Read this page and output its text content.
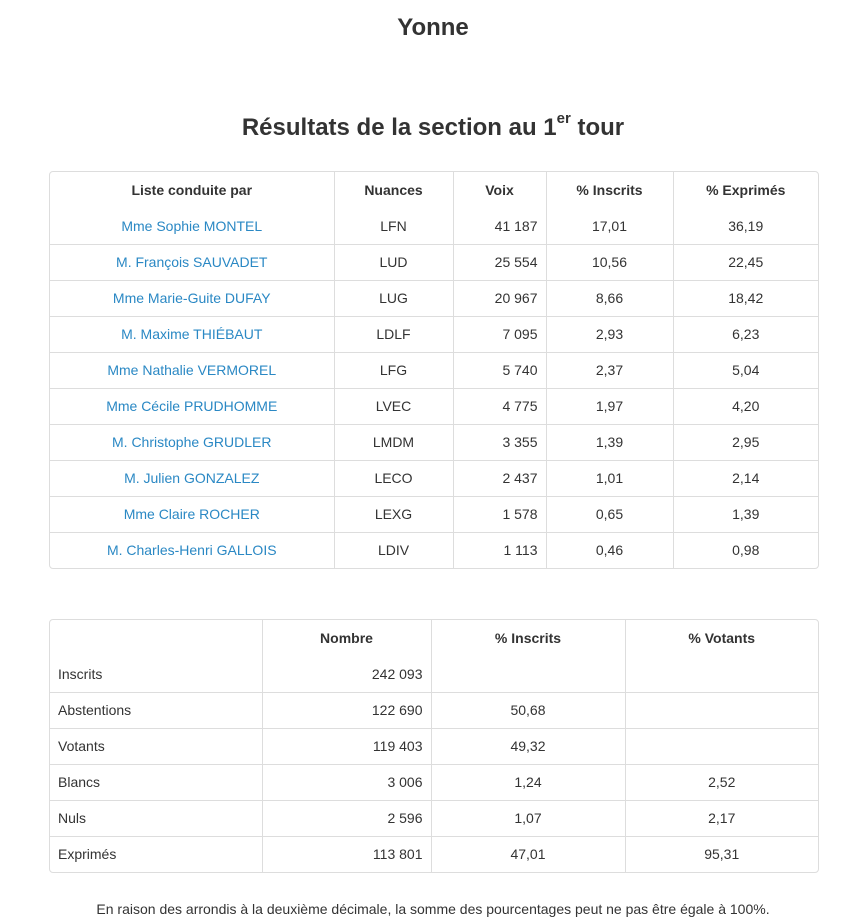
Yonne
Résultats de la section au 1er tour
Liste conduite par	Nuances	Voix	% Inscrits	% Exprimés
Mme Sophie MONTEL	LFN	41 187	17,01	36,19
M. François SAUVADET	LUD	25 554	10,56	22,45
Mme Marie-Guite DUFAY	LUG	20 967	8,66	18,42
M. Maxime THIÉBAUT	LDLF	7 095	2,93	6,23
Mme Nathalie VERMOREL	LFG	5 740	2,37	5,04
Mme Cécile PRUDHOMME	LVEC	4 775	1,97	4,20
M. Christophe GRUDLER	LMDM	3 355	1,39	2,95
M. Julien GONZALEZ	LECO	2 437	1,01	2,14
Mme Claire ROCHER	LEXG	1 578	0,65	1,39
M. Charles-Henri GALLOIS	LDIV	1 113	0,46	0,98
	Nombre	% Inscrits	% Votants
Inscrits	242 093		
Abstentions	122 690	50,68	
Votants	119 403	49,32	
Blancs	3 006	1,24	2,52
Nuls	2 596	1,07	2,17
Exprimés	113 801	47,01	95,31
En raison des arrondis à la deuxième décimale, la somme des pourcentages peut ne pas être égale à 100%.
